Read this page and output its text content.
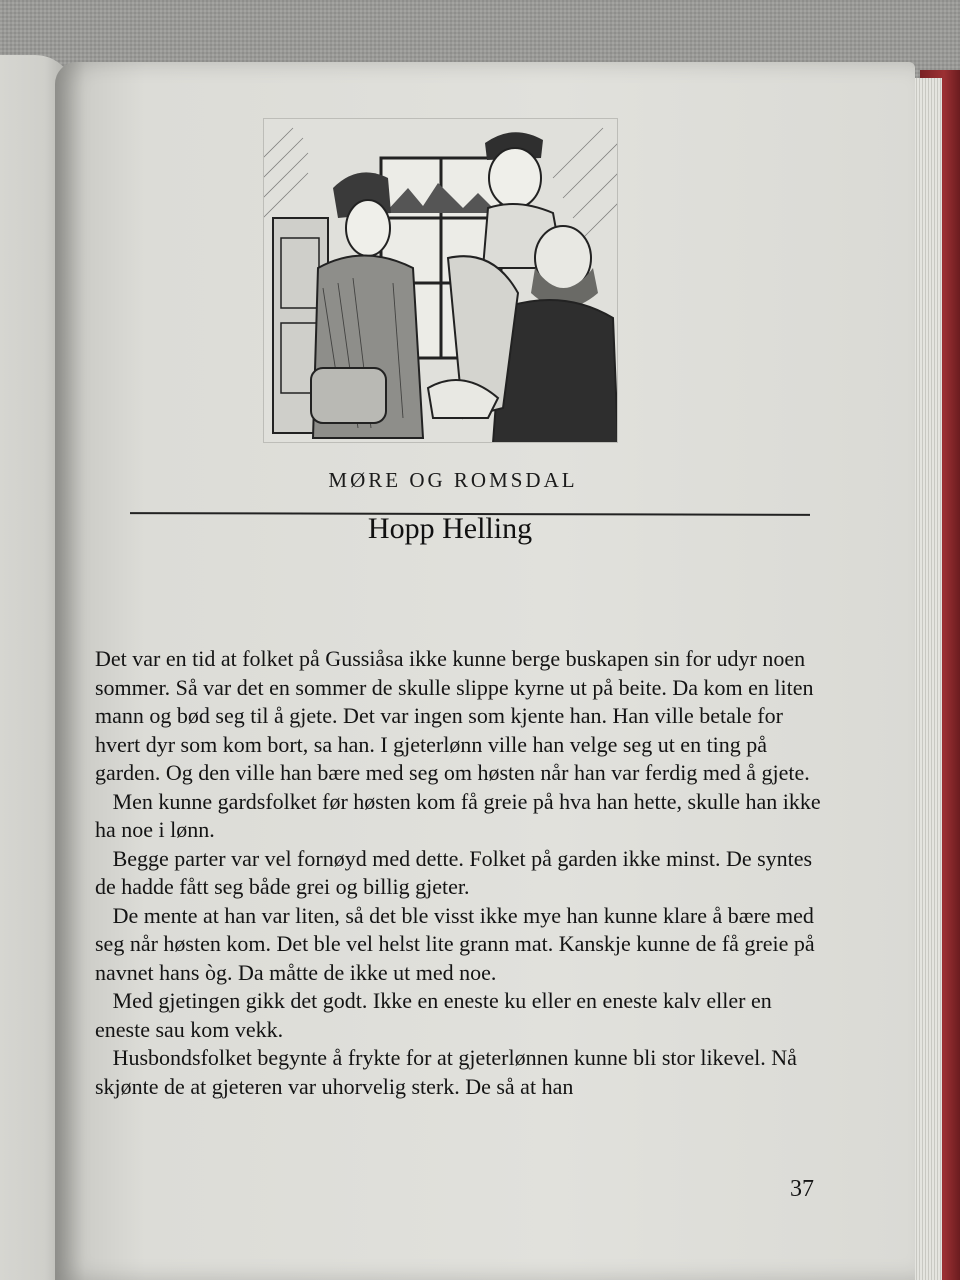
MØRE OG ROMSDAL
Hopp Helling

Det var en tid at folket på Gussiåsa ikke kunne berge buskapen sin for udyr noen sommer. Så var det en sommer de skulle slippe kyrne ut på beite. Da kom en liten mann og bød seg til å gjete. Det var ingen som kjente han. Han ville betale for hvert dyr som kom bort, sa han. I gjeterlønn ville han velge seg ut en ting på garden. Og den ville han bære med seg om høsten når han var ferdig med å gjete.

Men kunne gardsfolket før høsten kom få greie på hva han hette, skulle han ikke ha noe i lønn.

Begge parter var vel fornøyd med dette. Folket på garden ikke minst. De syntes de hadde fått seg både grei og billig gjeter.

De mente at han var liten, så det ble visst ikke mye han kunne klare å bære med seg når høsten kom. Det ble vel helst lite grann mat. Kanskje kunne de få greie på navnet hans òg. Da måtte de ikke ut med noe.

Med gjetingen gikk det godt. Ikke en eneste ku eller en eneste kalv eller en eneste sau kom vekk.

Husbondsfolket begynte å frykte for at gjeterlønnen kunne bli stor likevel. Nå skjønte de at gjeteren var uhorvelig sterk. De så at han

37
